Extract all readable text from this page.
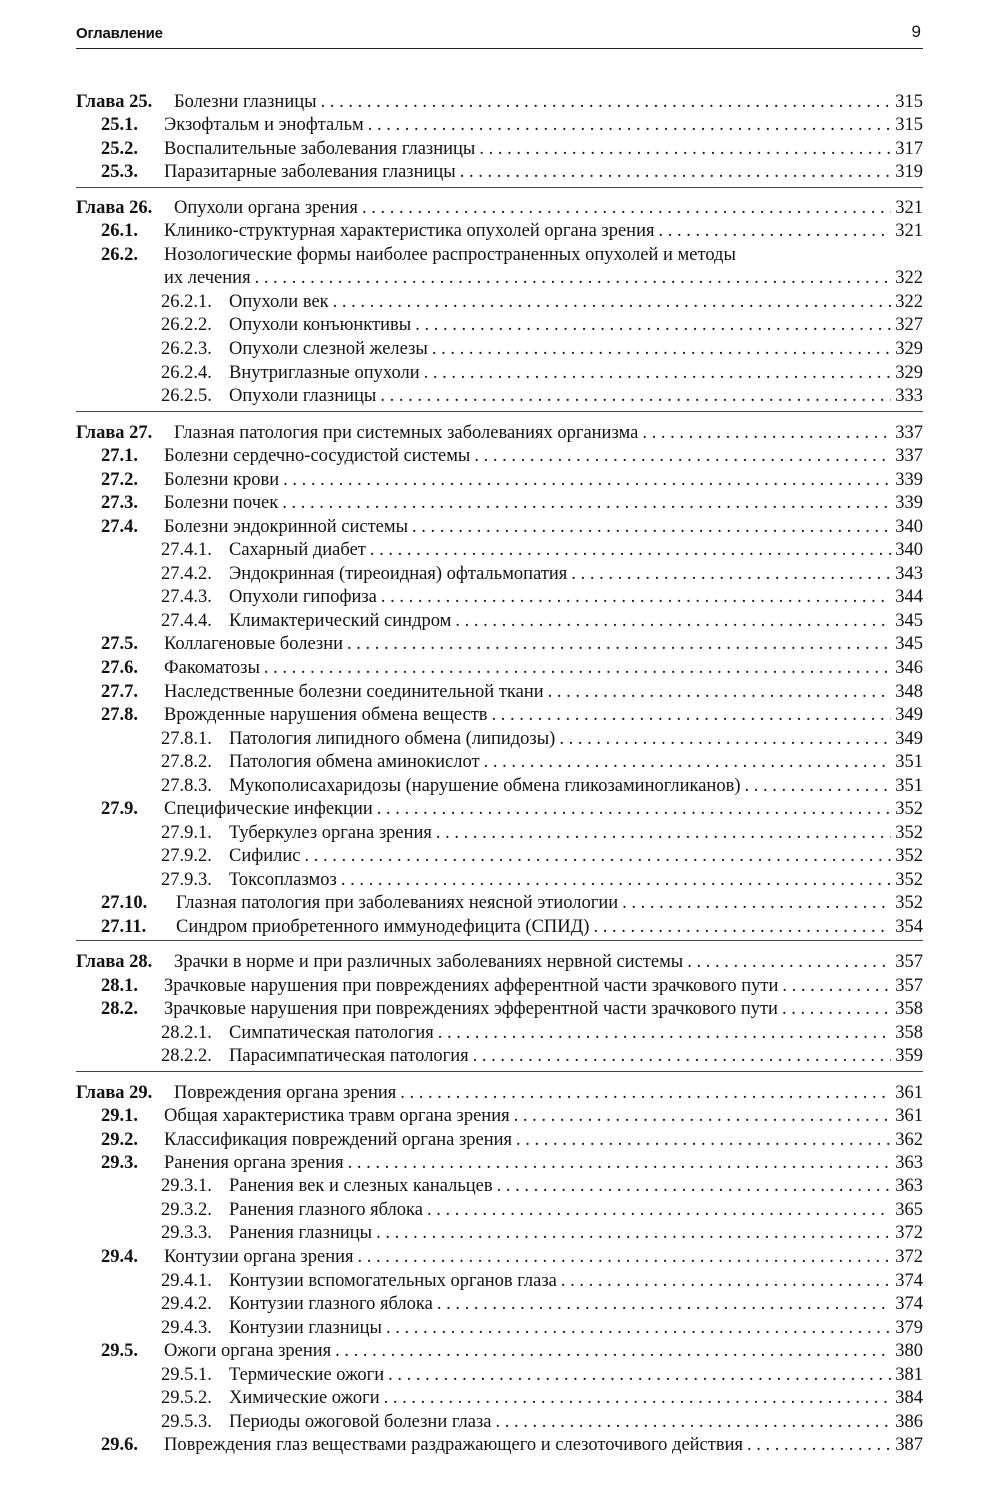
Оглавление	9
Глава 25. Болезни глазницы . . .	315
25.1. Экзофтальм и энофтальм . . .	315
25.2. Воспалительные заболевания глазницы . . .	317
25.3. Паразитарные заболевания глазницы . . .	319
Глава 26. Опухоли органа зрения . . .	321
26.1. Клинико-структурная характеристика опухолей органа зрения . . .	321
26.2. Нозологические формы наиболее распространенных опухолей и методы
их лечения . . .	322
26.2.1. Опухоли век . . .	322
26.2.2. Опухоли конъюнктивы . . .	327
26.2.3. Опухоли слезной железы . . .	329
26.2.4. Внутриглазные опухоли . . .	329
26.2.5. Опухоли глазницы . . .	333
Глава 27. Глазная патология при системных заболеваниях организма . . .	337
27.1. Болезни сердечно-сосудистой системы . . .	337
27.2. Болезни крови . . .	339
27.3. Болезни почек . . .	339
27.4. Болезни эндокринной системы . . .	340
27.4.1. Сахарный диабет . . .	340
27.4.2. Эндокринная (тиреоидная) офтальмопатия . . .	343
27.4.3. Опухоли гипофиза . . .	344
27.4.4. Климактерический синдром . . .	345
27.5. Коллагеновые болезни . . .	345
27.6. Факоматозы . . .	346
27.7. Наследственные болезни соединительной ткани . . .	348
27.8. Врожденные нарушения обмена веществ . . .	349
27.8.1. Патология липидного обмена (липидозы) . . .	349
27.8.2. Патология обмена аминокислот . . .	351
27.8.3. Мукополисахаридозы (нарушение обмена гликозаминогликанов) . . .	351
27.9. Специфические инфекции . . .	352
27.9.1. Туберкулез органа зрения . . .	352
27.9.2. Сифилис . . .	352
27.9.3. Токсоплазмоз . . .	352
27.10. Глазная патология при заболеваниях неясной этиологии . . .	352
27.11. Синдром приобретенного иммунодефицита (СПИД) . . .	354
Глава 28. Зрачки в норме и при различных заболеваниях нервной системы . . .	357
28.1. Зрачковые нарушения при повреждениях афферентной части зрачкового пути . . .	357
28.2. Зрачковые нарушения при повреждениях эфферентной части зрачкового пути . . .	358
28.2.1. Симпатическая патология . . .	358
28.2.2. Парасимпатическая патология . . .	359
Глава 29. Повреждения органа зрения . . .	361
29.1. Общая характеристика травм органа зрения . . .	361
29.2. Классификация повреждений органа зрения . . .	362
29.3. Ранения органа зрения . . .	363
29.3.1. Ранения век и слезных канальцев . . .	363
29.3.2. Ранения глазного яблока . . .	365
29.3.3. Ранения глазницы . . .	372
29.4. Контузии органа зрения . . .	372
29.4.1. Контузии вспомогательных органов глаза . . .	374
29.4.2. Контузии глазного яблока . . .	374
29.4.3. Контузии глазницы . . .	379
29.5. Ожоги органа зрения . . .	380
29.5.1. Термические ожоги . . .	381
29.5.2. Химические ожоги . . .	384
29.5.3. Периоды ожоговой болезни глаза . . .	386
29.6. Повреждения глаз веществами раздражающего и слезоточивого действия . . .	387
